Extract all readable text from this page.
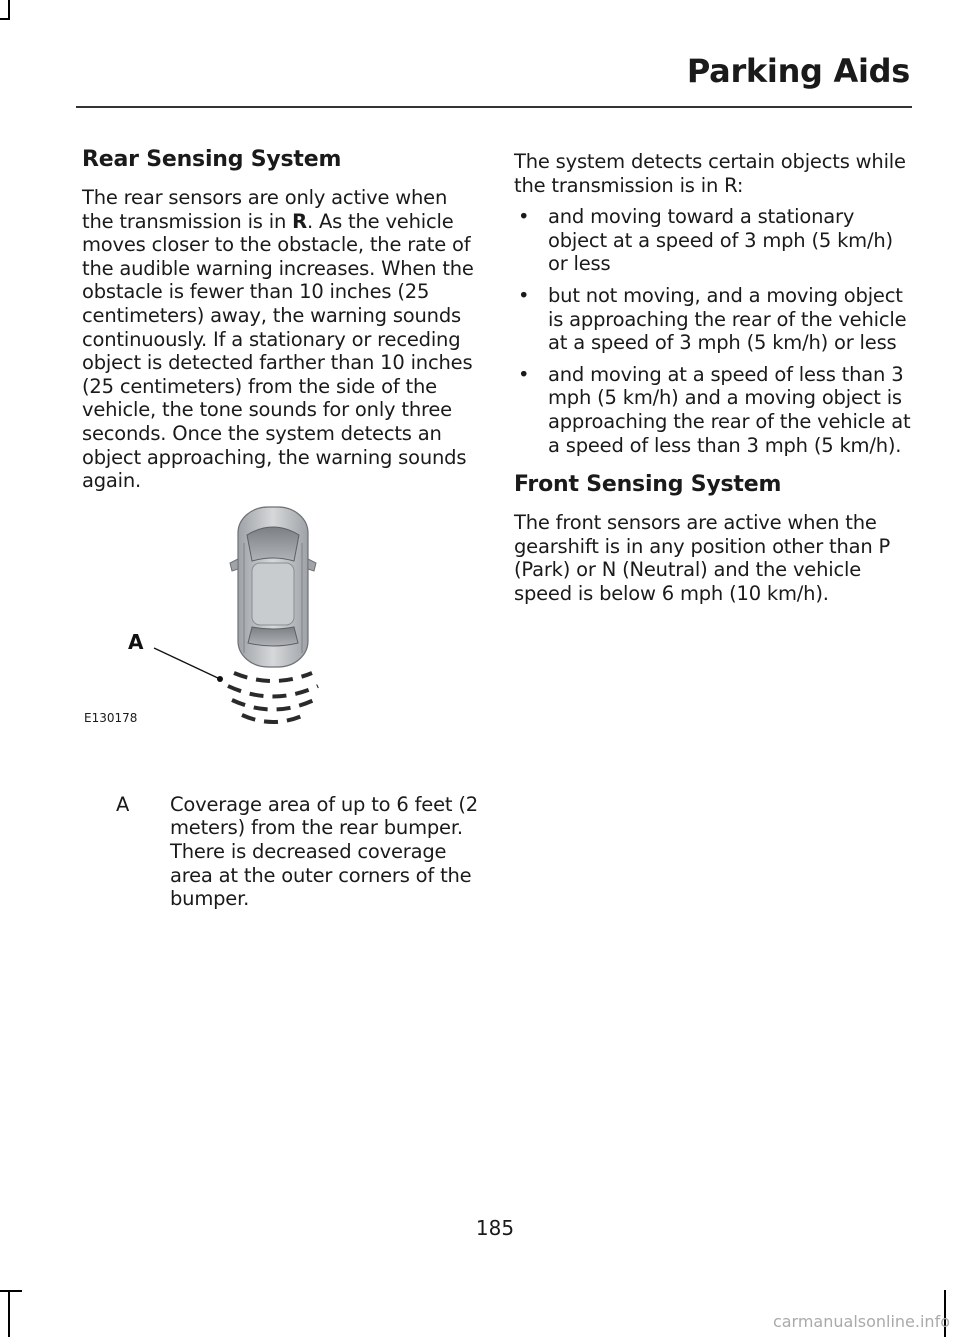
Parking Aids
Rear Sensing System

The rear sensors are only active when the transmission is in R. As the vehicle moves closer to the obstacle, the rate of the audible warning increases. When the obstacle is fewer than 10 inches (25 centimeters) away, the warning sounds continuously. If a stationary or receding object is detected farther than 10 inches (25 centimeters) from the side of the vehicle, the tone sounds for only three seconds. Once the system detects an object approaching, the warning sounds again.

A
E130178
A Coverage area of up to 6 feet (2 meters) from the rear bumper. There is decreased coverage area at the outer corners of the bumper.

The system detects certain objects while the transmission is in R:

• and moving toward a stationary object at a speed of 3 mph (5 km/h) or less
• but not moving, and a moving object is approaching the rear of the vehicle at a speed of 3 mph (5 km/h) or less
• and moving at a speed of less than 3 mph (5 km/h) and a moving object is approaching the rear of the vehicle at a speed of less than 3 mph (5 km/h).
Front Sensing System

The front sensors are active when the gearshift is in any position other than P (Park) or N (Neutral) and the vehicle speed is below 6 mph (10 km/h).

185
carmanualsonline.info
